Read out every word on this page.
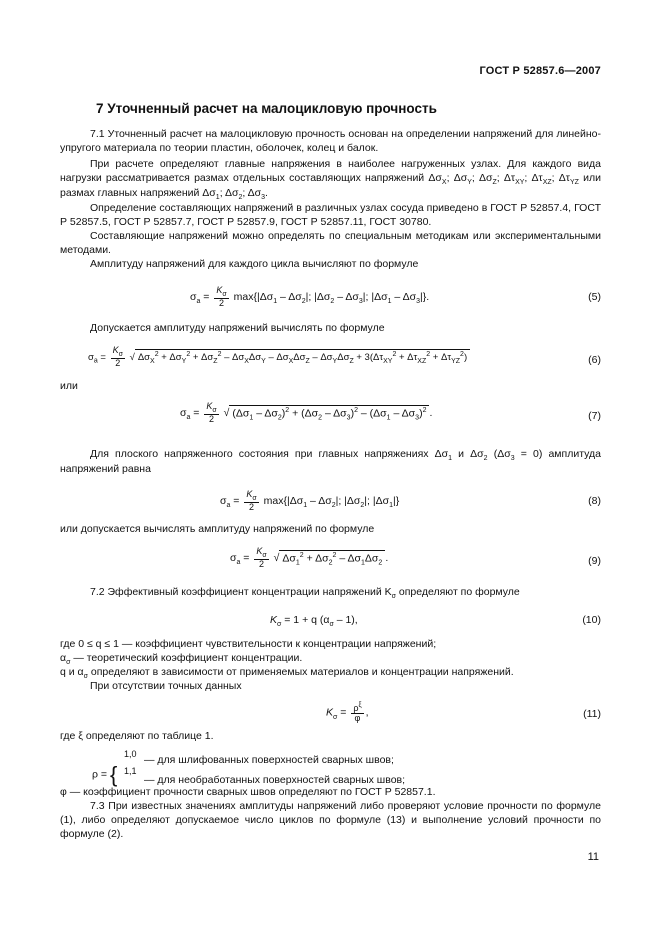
ГОСТ Р 52857.6—2007
7 Уточненный расчет на малоцикловую прочность
7.1 Уточненный расчет на малоцикловую прочность основан на определении напряжений для линейно-упругого материала по теории пластин, оболочек, колец и балок.
При расчете определяют главные напряжения в наиболее нагруженных узлах. Для каждого вида нагрузки рассматривается размах отдельных составляющих напряжений $\Delta\sigma_X$; $\Delta\sigma_Y$; $\Delta\sigma_Z$; $\Delta\tau_{XY}$; $\Delta\tau_{XZ}$; $\Delta\tau_{YZ}$ или размах главных напряжений $\Delta\sigma_1$; $\Delta\sigma_2$; $\Delta\sigma_3$.
Определение составляющих напряжений в различных узлах сосуда приведено в ГОСТ Р 52857.4, ГОСТ Р 52857.5, ГОСТ Р 52857.7, ГОСТ Р 52857.9, ГОСТ Р 52857.11, ГОСТ 30780.
Составляющие напряжений можно определять по специальным методикам или экспериментальными методами.
Амплитуду напряжений для каждого цикла вычисляют по формуле
$\sigma_a = \frac{K_\sigma}{2} \max\{|\Delta\sigma_1 - \Delta\sigma_2|$; $|\Delta\sigma_2 - \Delta\sigma_3|$; $|\Delta\sigma_1 - \Delta\sigma_3|$}.	(5)
Допускается амплитуду напряжений вычислять по формуле
$\sigma_a = \frac{K_\sigma}{2}$ √ $\Delta\sigma_X^2 + \Delta\sigma_Y^2 + \Delta\sigma_Z^2 - \Delta\sigma_X\Delta\sigma_Y - \Delta\sigma_X\Delta\sigma_Z - \Delta\sigma_Y\Delta\sigma_Z + 3(\Delta\tau_{XY}^2 + \Delta\tau_{XZ}^2 + \Delta\tau_{YZ}^2)$	(6)
или
$\sigma_a = \frac{K_\sigma}{2}$ √ $(\Delta\sigma_1 - \Delta\sigma_2)^2 + (\Delta\sigma_2 - \Delta\sigma_3)^2 - (\Delta\sigma_1 - \Delta\sigma_3)^2$ .	(7)
Для плоского напряженного состояния при главных напряжениях $\Delta\sigma_1$ и $\Delta\sigma_2$ $(\Delta\sigma_3 = 0)$ амплитуда напряжений равна
$\sigma_a = \frac{K_\sigma}{2} \max\{|\Delta\sigma_1 - \Delta\sigma_2|$; $|\Delta\sigma_2|$; $|\Delta\sigma_1|$}	(8)
или допускается вычислять амплитуду напряжений по формуле
$\sigma_a = \frac{K_\sigma}{2}$ √ $\Delta\sigma_1^2 + \Delta\sigma_2^2 - \Delta\sigma_1\Delta\sigma_2$ .	(9)
7.2 Эффективный коэффициент концентрации напряжений $K_\sigma$ определяют по формуле
$K_\sigma = 1 + q$ $(\alpha_\sigma - 1)$,	(10)
где 0 ≤ q ≤ 1 — коэффициент чувствительности к концентрации напряжений;
$\alpha_\sigma$ — теоретический коэффициент концентрации.
q и $\alpha_\sigma$ определяют в зависимости от применяемых материалов и концентрации напряжений.
При отсутствии точных данных
$K_\sigma = \frac{\rho^\xi}{\varphi}$ ,	(11)
где ξ определяют по таблице 1.
ρ = {
1,0 — для шлифованных поверхностей сварных швов;
1,1
— для необработанных поверхностей сварных швов;
φ — коэффициент прочности сварных швов определяют по ГОСТ Р 52857.1.
7.3 При известных значениях амплитуды напряжений либо проверяют условие прочности по формуле (1), либо определяют допускаемое число циклов по формуле (13) и выполнение условий прочности по формуле (2).
11
